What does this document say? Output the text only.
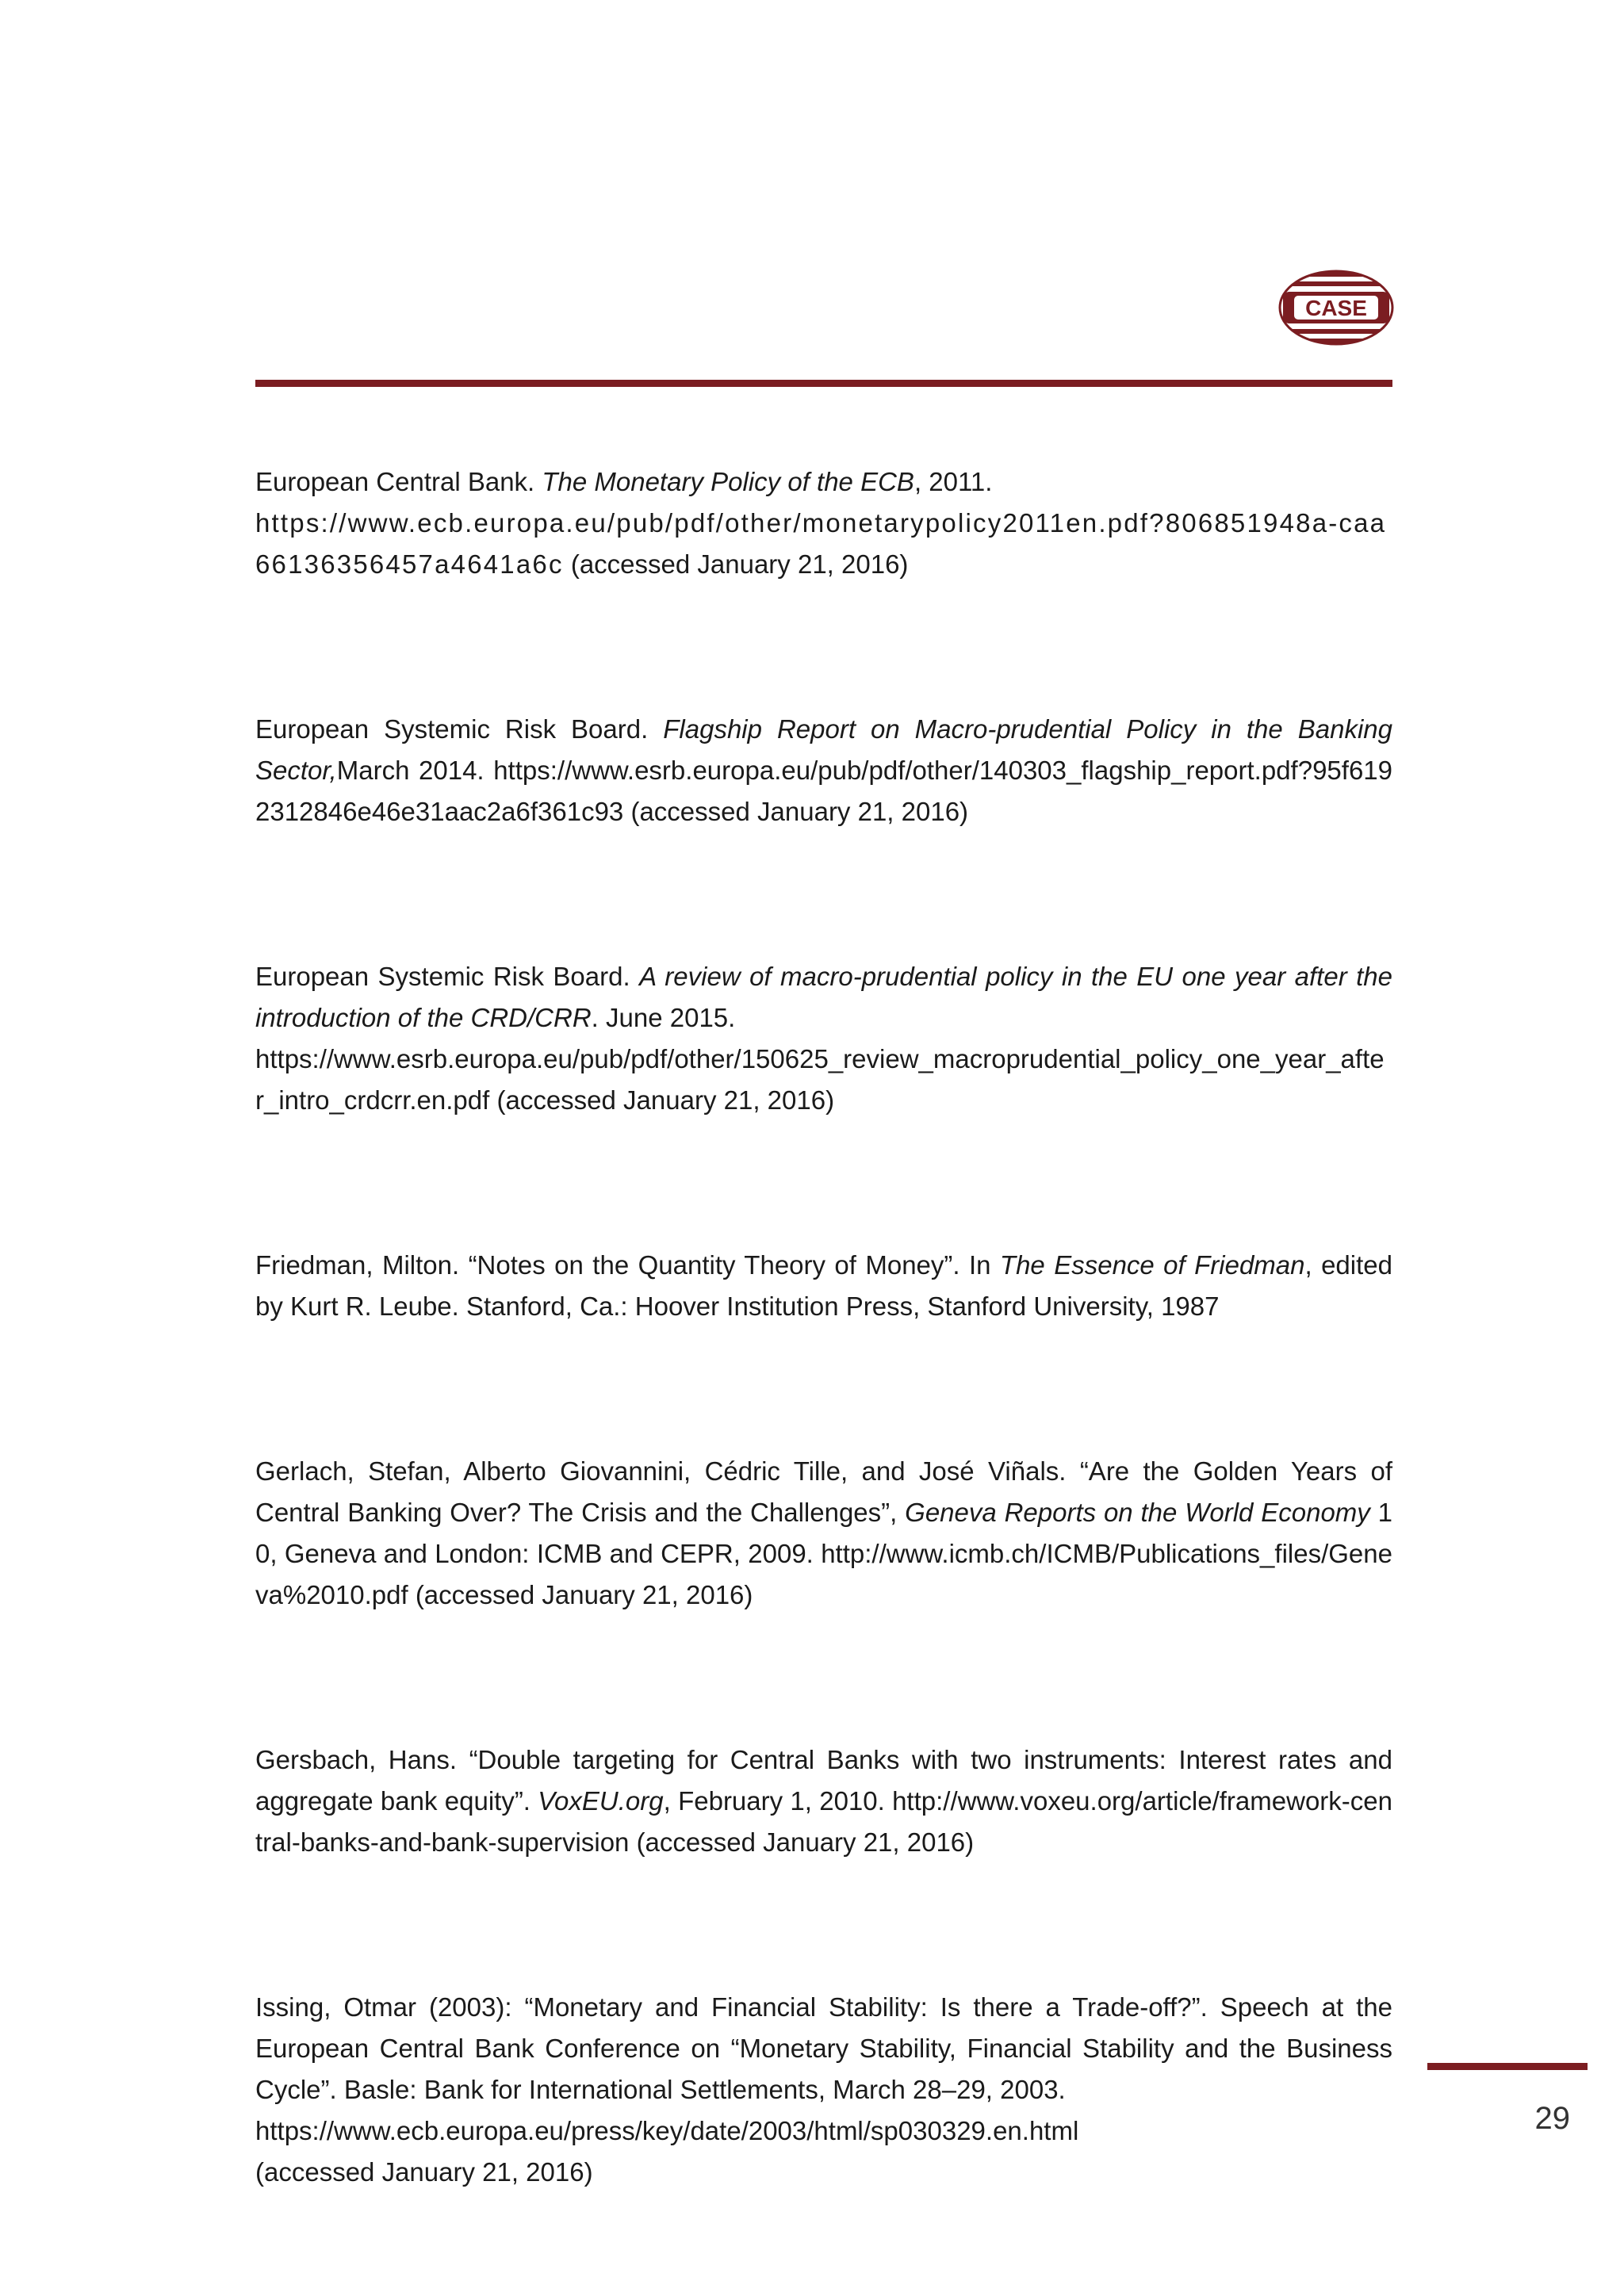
CASE

European Central Bank. The Monetary Policy of the ECB, 2011.
https://www.ecb.europa.eu/pub/pdf/other/monetarypolicy2011en.pdf?806851948a-caa66136356457a4641a6c (accessed January 21, 2016)

European Systemic Risk Board. Flagship Report on Macro-prudential Policy in the Banking Sector,March 2014. https://www.esrb.europa.eu/pub/pdf/other/140303_flagship_report.pdf?95f6192312846e46e31aac2a6f361c93 (accessed January 21, 2016)

European Systemic Risk Board. A review of macro-prudential policy in the EU one year after the introduction of the CRD/CRR. June 2015.
https://www.esrb.europa.eu/pub/pdf/other/150625_review_macroprudential_policy_one_year_after_intro_crdcrr.en.pdf (accessed January 21, 2016)

Friedman, Milton. “Notes on the Quantity Theory of Money”. In The Essence of Friedman, edited by Kurt R. Leube. Stanford, Ca.: Hoover Institution Press, Stanford University, 1987

Gerlach, Stefan, Alberto Giovannini, Cédric Tille, and José Viñals. “Are the Golden Years of Central Banking Over? The Crisis and the Challenges”, Geneva Reports on the World Economy 10, Geneva and London: ICMB and CEPR, 2009. http://www.icmb.ch/ICMB/Publications_files/Geneva%2010.pdf (accessed January 21, 2016)

Gersbach, Hans. “Double targeting for Central Banks with two instruments: Interest rates and aggregate bank equity”. VoxEU.org, February 1, 2010. http://www.voxeu.org/article/framework-central-banks-and-bank-supervision (accessed January 21, 2016)

Issing, Otmar (2003): “Monetary and Financial Stability: Is there a Trade-off?”. Speech at the European Central Bank Conference on “Monetary Stability, Financial Stability and the Business Cycle”. Basle: Bank for International Settlements, March 28–29, 2003.
https://www.ecb.europa.eu/press/key/date/2003/html/sp030329.en.html
(accessed January 21, 2016)

29
